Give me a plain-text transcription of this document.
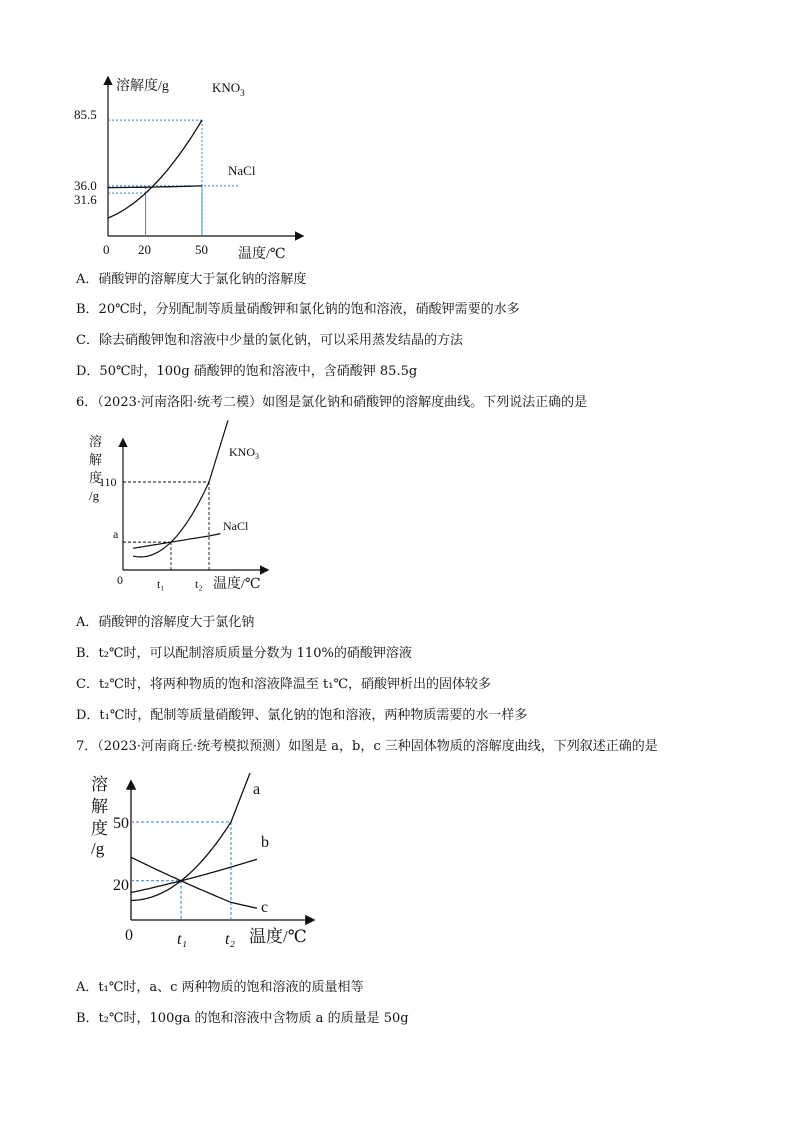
溶解度/g
温度/℃
0 20	50
85.5
36.0
31.6
$KNO_3$
NaCl
A．硝酸钾的溶解度大于氯化钠的溶解度
B．20℃时，分别配制等质量硝酸钾和氯化钠的饱和溶液，硝酸钾需要的水多
C．除去硝酸钾饱和溶液中少量的氯化钠，可以采用蒸发结晶的方法
D．50℃时，100g 硝酸钾的饱和溶液中，含硝酸钾 85.5g
6．（2023·河南洛阳·统考二模）如图是氯化钠和硝酸钾的溶解度曲线。下列说法正确的是
溶
解
度
/g
110
a
0	t₁	t₂ 温度/℃
$KNO_3$
NaCl
A．硝酸钾的溶解度大于氯化钠
B．t₂℃时，可以配制溶质质量分数为 110%的硝酸钾溶液
C．t₂℃时，将两种物质的饱和溶液降温至 t₁℃，硝酸钾析出的固体较多
D．t₁℃时，配制等质量硝酸钾、氯化钠的饱和溶液，两种物质需要的水一样多
7．（2023·河南商丘·统考模拟预测）如图是 a，b，c 三种固体物质的溶解度曲线，下列叙述正确的是
溶
解
度
/g
50
20
0	t₁ t₂ 温度/℃
a
b
c
A．t₁℃时，a、c 两种物质的饱和溶液的质量相等
B．t₂℃时，100ga 的饱和溶液中含物质 a 的质量是 50g
